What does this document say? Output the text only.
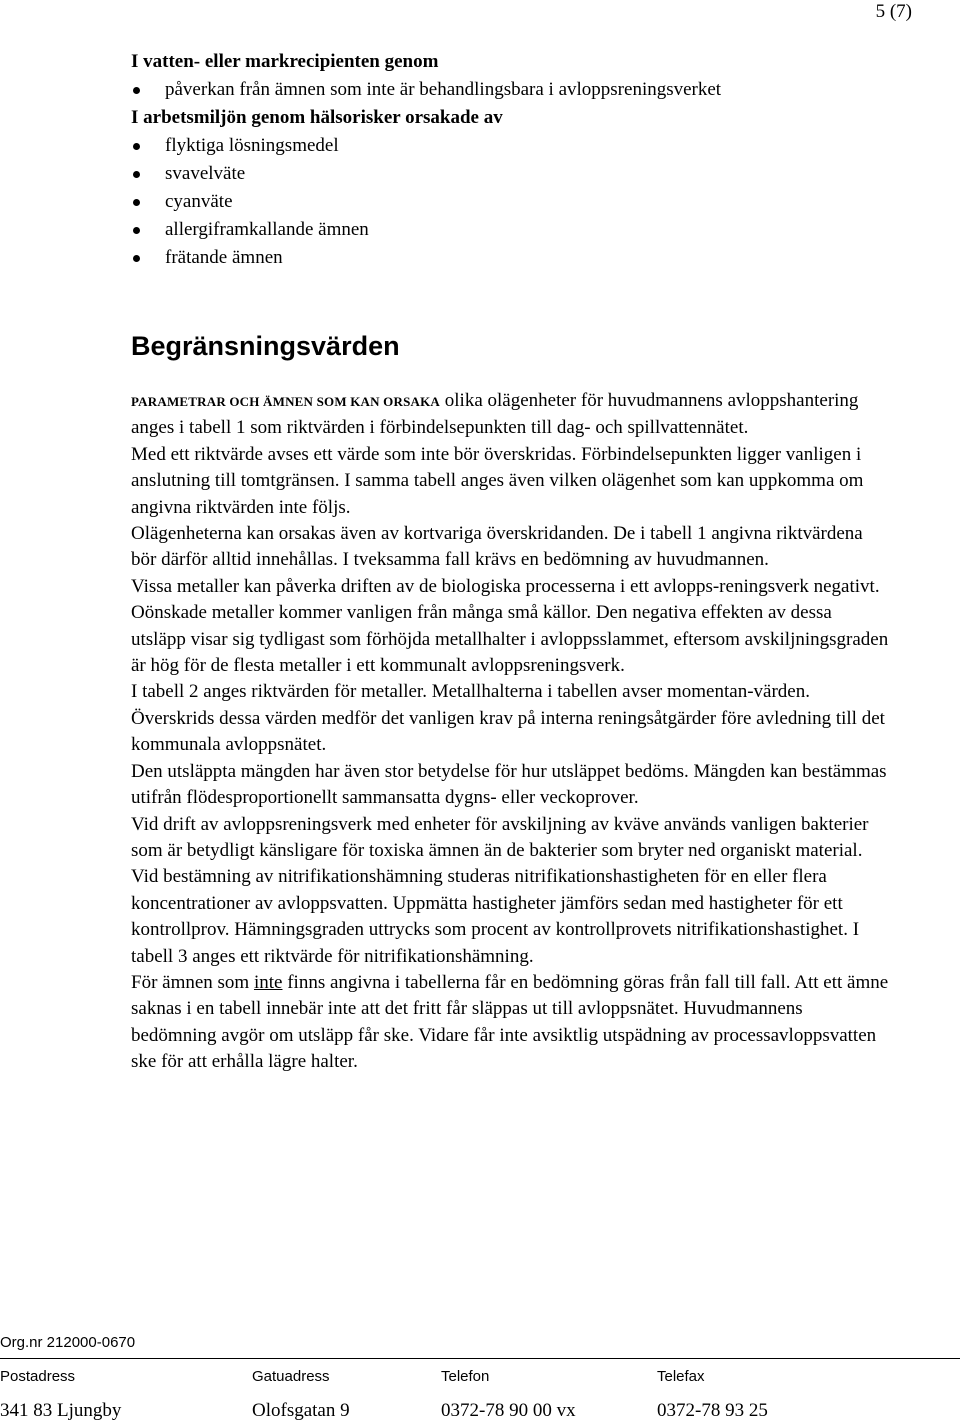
5 (7)

I vatten- eller markrecipienten genom

påverkan från ämnen som inte är behandlingsbara i avloppsreningsverket

I arbetsmiljön genom hälsorisker orsakade av

flyktiga lösningsmedel
svavelväte
cyanväte
allergiframkallande ämnen
frätande ämnen
Begränsningsvärden

PARAMETRAR OCH ÄMNEN SOM KAN ORSAKA olika olägenheter för huvudmannens avloppshantering anges i tabell 1 som riktvärden i förbindelsepunkten till dag- och spillvattennätet.

Med ett riktvärde avses ett värde som inte bör överskridas. Förbindelsepunkten ligger vanligen i anslutning till tomtgränsen. I samma tabell anges även vilken olägenhet som kan uppkomma om angivna riktvärden inte följs.

Olägenheterna kan orsakas även av kortvariga överskridanden. De i tabell 1 angivna riktvärdena bör därför alltid innehållas. I tveksamma fall krävs en bedömning av huvudmannen.

Vissa metaller kan påverka driften av de biologiska processerna i ett avlopps-reningsverk negativt. Oönskade metaller kommer vanligen från många små källor. Den negativa effekten av dessa utsläpp visar sig tydligast som förhöjda metallhalter i avloppsslammet, eftersom avskiljningsgraden är hög för de flesta metaller i ett kommunalt avloppsreningsverk.

I tabell 2 anges riktvärden för metaller. Metallhalterna i tabellen avser momentan-värden. Överskrids dessa värden medför det vanligen krav på interna reningsåtgärder före avledning till det kommunala avloppsnätet.

Den utsläppta mängden har även stor betydelse för hur utsläppet bedöms. Mängden kan bestämmas utifrån flödesproportionellt sammansatta dygns- eller veckoprover.

Vid drift av avloppsreningsverk med enheter för avskiljning av kväve används vanligen bakterier som är betydligt känsligare för toxiska ämnen än de bakterier som bryter ned organiskt material. Vid bestämning av nitrifikationshämning studeras nitrifikationshastigheten för en eller flera koncentrationer av avloppsvatten. Uppmätta hastigheter jämförs sedan med hastigheter för ett kontrollprov. Hämningsgraden uttrycks som procent av kontrollprovets nitrifikationshastighet. I tabell 3 anges ett riktvärde för nitrifikationshämning.

För ämnen som inte finns angivna i tabellerna får en bedömning göras från fall till fall. Att ett ämne saknas i en tabell innebär inte att det fritt får släppas ut till avloppsnätet. Huvudmannens bedömning avgör om utsläpp får ske. Vidare får inte avsiktlig utspädning av processavloppsvatten ske för att erhålla lägre halter.

Org.nr 212000-0670
Postadress	Gatuadress	Telefon	Telefax
341 83 Ljungby	Olofsgatan 9	0372-78 90 00 vx	0372-78 93 25
